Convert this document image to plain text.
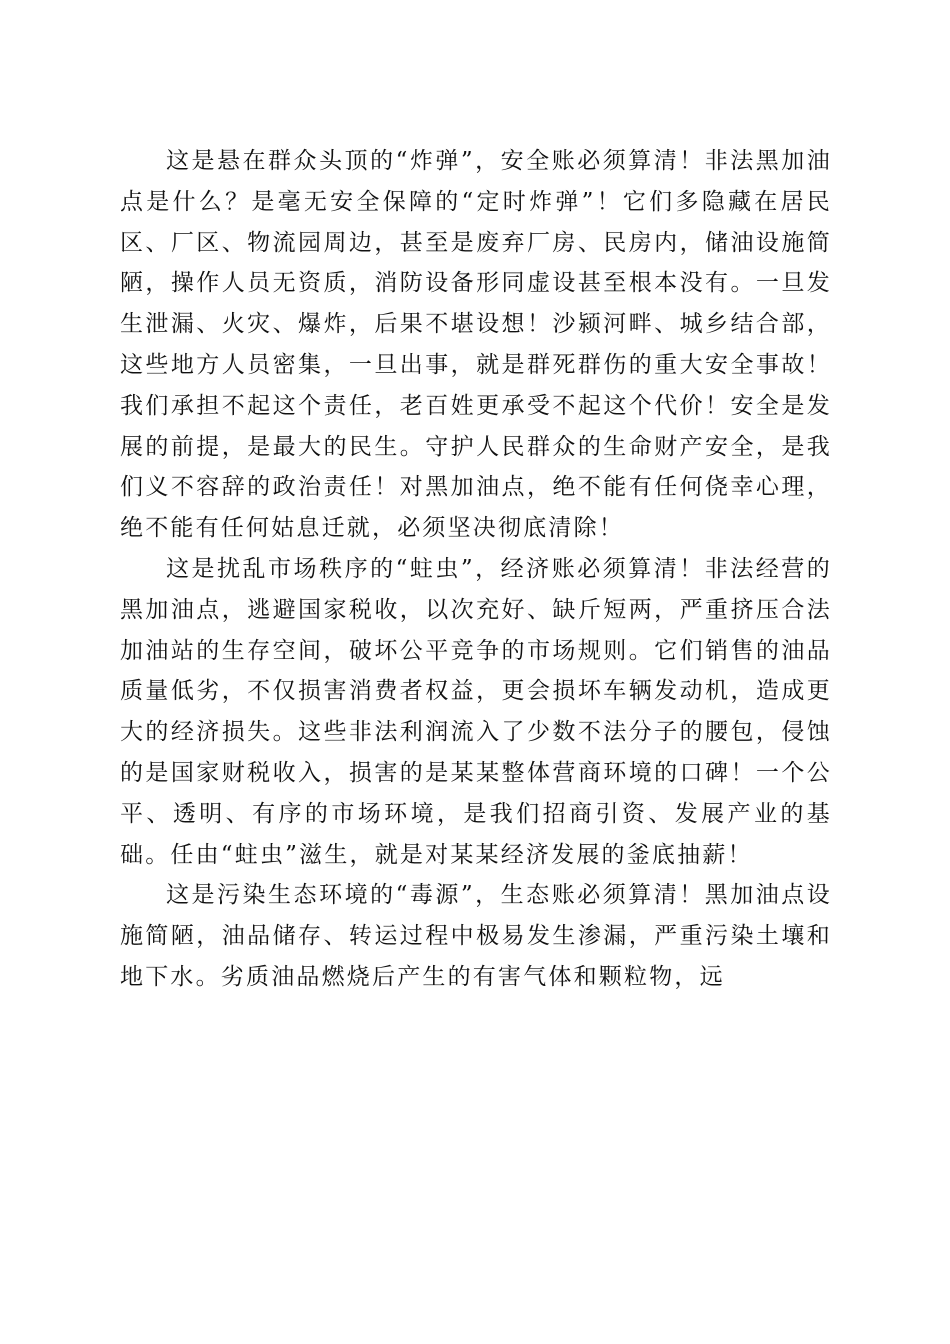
这是悬在群众头顶的“炸弹”，安全账必须算清！非法黑加油点是什么？是毫无安全保障的“定时炸弹”！它们多隐藏在居民区、厂区、物流园周边，甚至是废弃厂房、民房内，储油设施简陋，操作人员无资质，消防设备形同虚设甚至根本没有。一旦发生泄漏、火灾、爆炸，后果不堪设想！沙颍河畔、城乡结合部，这些地方人员密集，一旦出事，就是群死群伤的重大安全事故！我们承担不起这个责任，老百姓更承受不起这个代价！安全是发展的前提，是最大的民生。守护人民群众的生命财产安全，是我们义不容辞的政治责任！对黑加油点，绝不能有任何侥幸心理，绝不能有任何姑息迁就，必须坚决彻底清除！

这是扰乱市场秩序的“蛀虫”，经济账必须算清！非法经营的黑加油点，逃避国家税收，以次充好、缺斤短两，严重挤压合法加油站的生存空间，破坏公平竞争的市场规则。它们销售的油品质量低劣，不仅损害消费者权益，更会损坏车辆发动机，造成更大的经济损失。这些非法利润流入了少数不法分子的腰包，侵蚀的是国家财税收入，损害的是某某整体营商环境的口碑！一个公平、透明、有序的市场环境，是我们招商引资、发展产业的基础。任由“蛀虫”滋生，就是对某某经济发展的釜底抽薪！

这是污染生态环境的“毒源”，生态账必须算清！黑加油点设施简陋，油品储存、转运过程中极易发生渗漏，严重污染土壤和地下水。劣质油品燃烧后产生的有害气体和颗粒物，远
